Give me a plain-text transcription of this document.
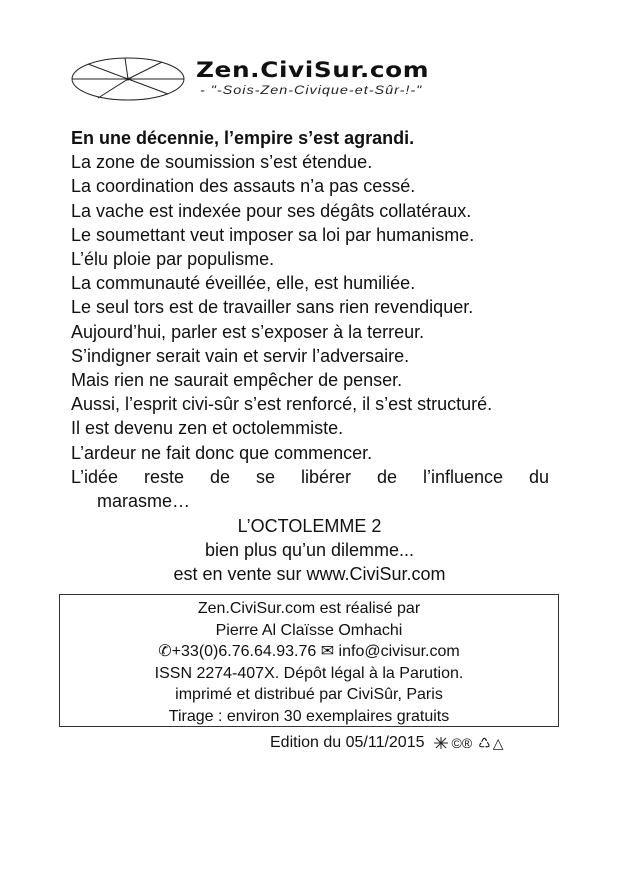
Zen.CiviSur.com
- "-Sois-Zen-Civique-et-Sûr-!-"
En une décennie, l’empire s’est agrandi.
La zone de soumission s’est étendue.
La coordination des assauts n’a pas cessé.
La vache est indexée pour ses dégâts collatéraux.
Le soumettant veut imposer sa loi par humanisme.
L’élu ploie par populisme.
La communauté éveillée, elle, est humiliée.
Le seul tors est de travailler sans rien revendiquer.
Aujourd’hui, parler est s’exposer à la terreur.
S’indigner serait vain et servir l’adversaire.
Mais rien ne saurait empêcher de penser.
Aussi, l’esprit civi-sûr s’est renforcé, il s’est structuré.
Il est devenu zen et octolemmiste.
L’ardeur ne fait donc que commencer.
L’idée reste de se libérer de l’influence du
marasme…
L’OCTOLEMME 2
bien plus qu’un dilemme...
est en vente sur www.CiviSur.com
Zen.CiviSur.com est réalisé par
Pierre Al Claïsse Omhachi
✆+33(0)6.76.64.93.76 ✉ info@civisur.com
ISSN 2274-407X. Dépôt légal à la Parution.
imprimé et distribué par CiviSûr, Paris
Tirage : environ 30 exemplaires gratuits
Edition du 05/11/2015 ©® ♺ △
